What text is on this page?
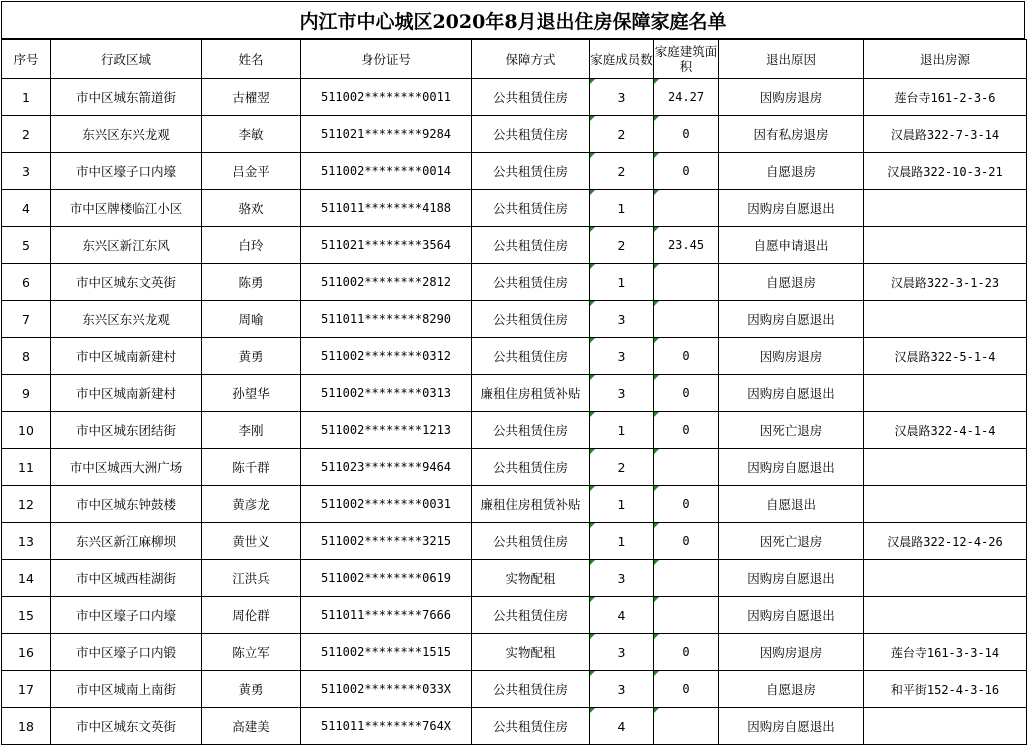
内江市中心城区2020年8月退出住房保障家庭名单
序号	行政区域	姓名	身份证号	保障方式	家庭成员数	家庭建筑面积	退出原因	退出房源
1	市中区城东箭道街	古櫂翌	511002********0011	公共租赁住房	3	24.27	因购房退房	莲台寺161-2-3-6
2	东兴区东兴龙观	李敏	511021********9284	公共租赁住房	2	0	因有私房退房	汉晨路322-7-3-14
3	市中区壕子口内壕	吕金平	511002********0014	公共租赁住房	2	0	自愿退房	汉晨路322-10-3-21
4	市中区牌楼临江小区	骆欢	511011********4188	公共租赁住房	1		因购房自愿退出	
5	东兴区新江东风	白玲	511021********3564	公共租赁住房	2	23.45	自愿申请退出	
6	市中区城东文英街	陈勇	511002********2812	公共租赁住房	1		自愿退房	汉晨路322-3-1-23
7	东兴区东兴龙观	周喻	511011********8290	公共租赁住房	3		因购房自愿退出	
8	市中区城南新建村	黄勇	511002********0312	公共租赁住房	3	0	因购房退房	汉晨路322-5-1-4
9	市中区城南新建村	孙望华	511002********0313	廉租住房租赁补贴	3	0	因购房自愿退出	
10	市中区城东团结街	李刚	511002********1213	公共租赁住房	1	0	因死亡退房	汉晨路322-4-1-4
11	市中区城西大洲广场	陈千群	511023********9464	公共租赁住房	2		因购房自愿退出	
12	市中区城东钟鼓楼	黄彦龙	511002********0031	廉租住房租赁补贴	1	0	自愿退出	
13	东兴区新江麻柳坝	黄世义	511002********3215	公共租赁住房	1	0	因死亡退房	汉晨路322-12-4-26
14	市中区城西桂湖街	江洪兵	511002********0619	实物配租	3		因购房自愿退出	
15	市中区壕子口内壕	周伦群	511011********7666	公共租赁住房	4		因购房自愿退出	
16	市中区壕子口内锻	陈立军	511002********1515	实物配租	3	0	因购房退房	莲台寺161-3-3-14
17	市中区城南上南街	黄勇	511002********033X	公共租赁住房	3	0	自愿退房	和平街152-4-3-16
18	市中区城东文英街	高建美	511011********764X	公共租赁住房	4		因购房自愿退出	
